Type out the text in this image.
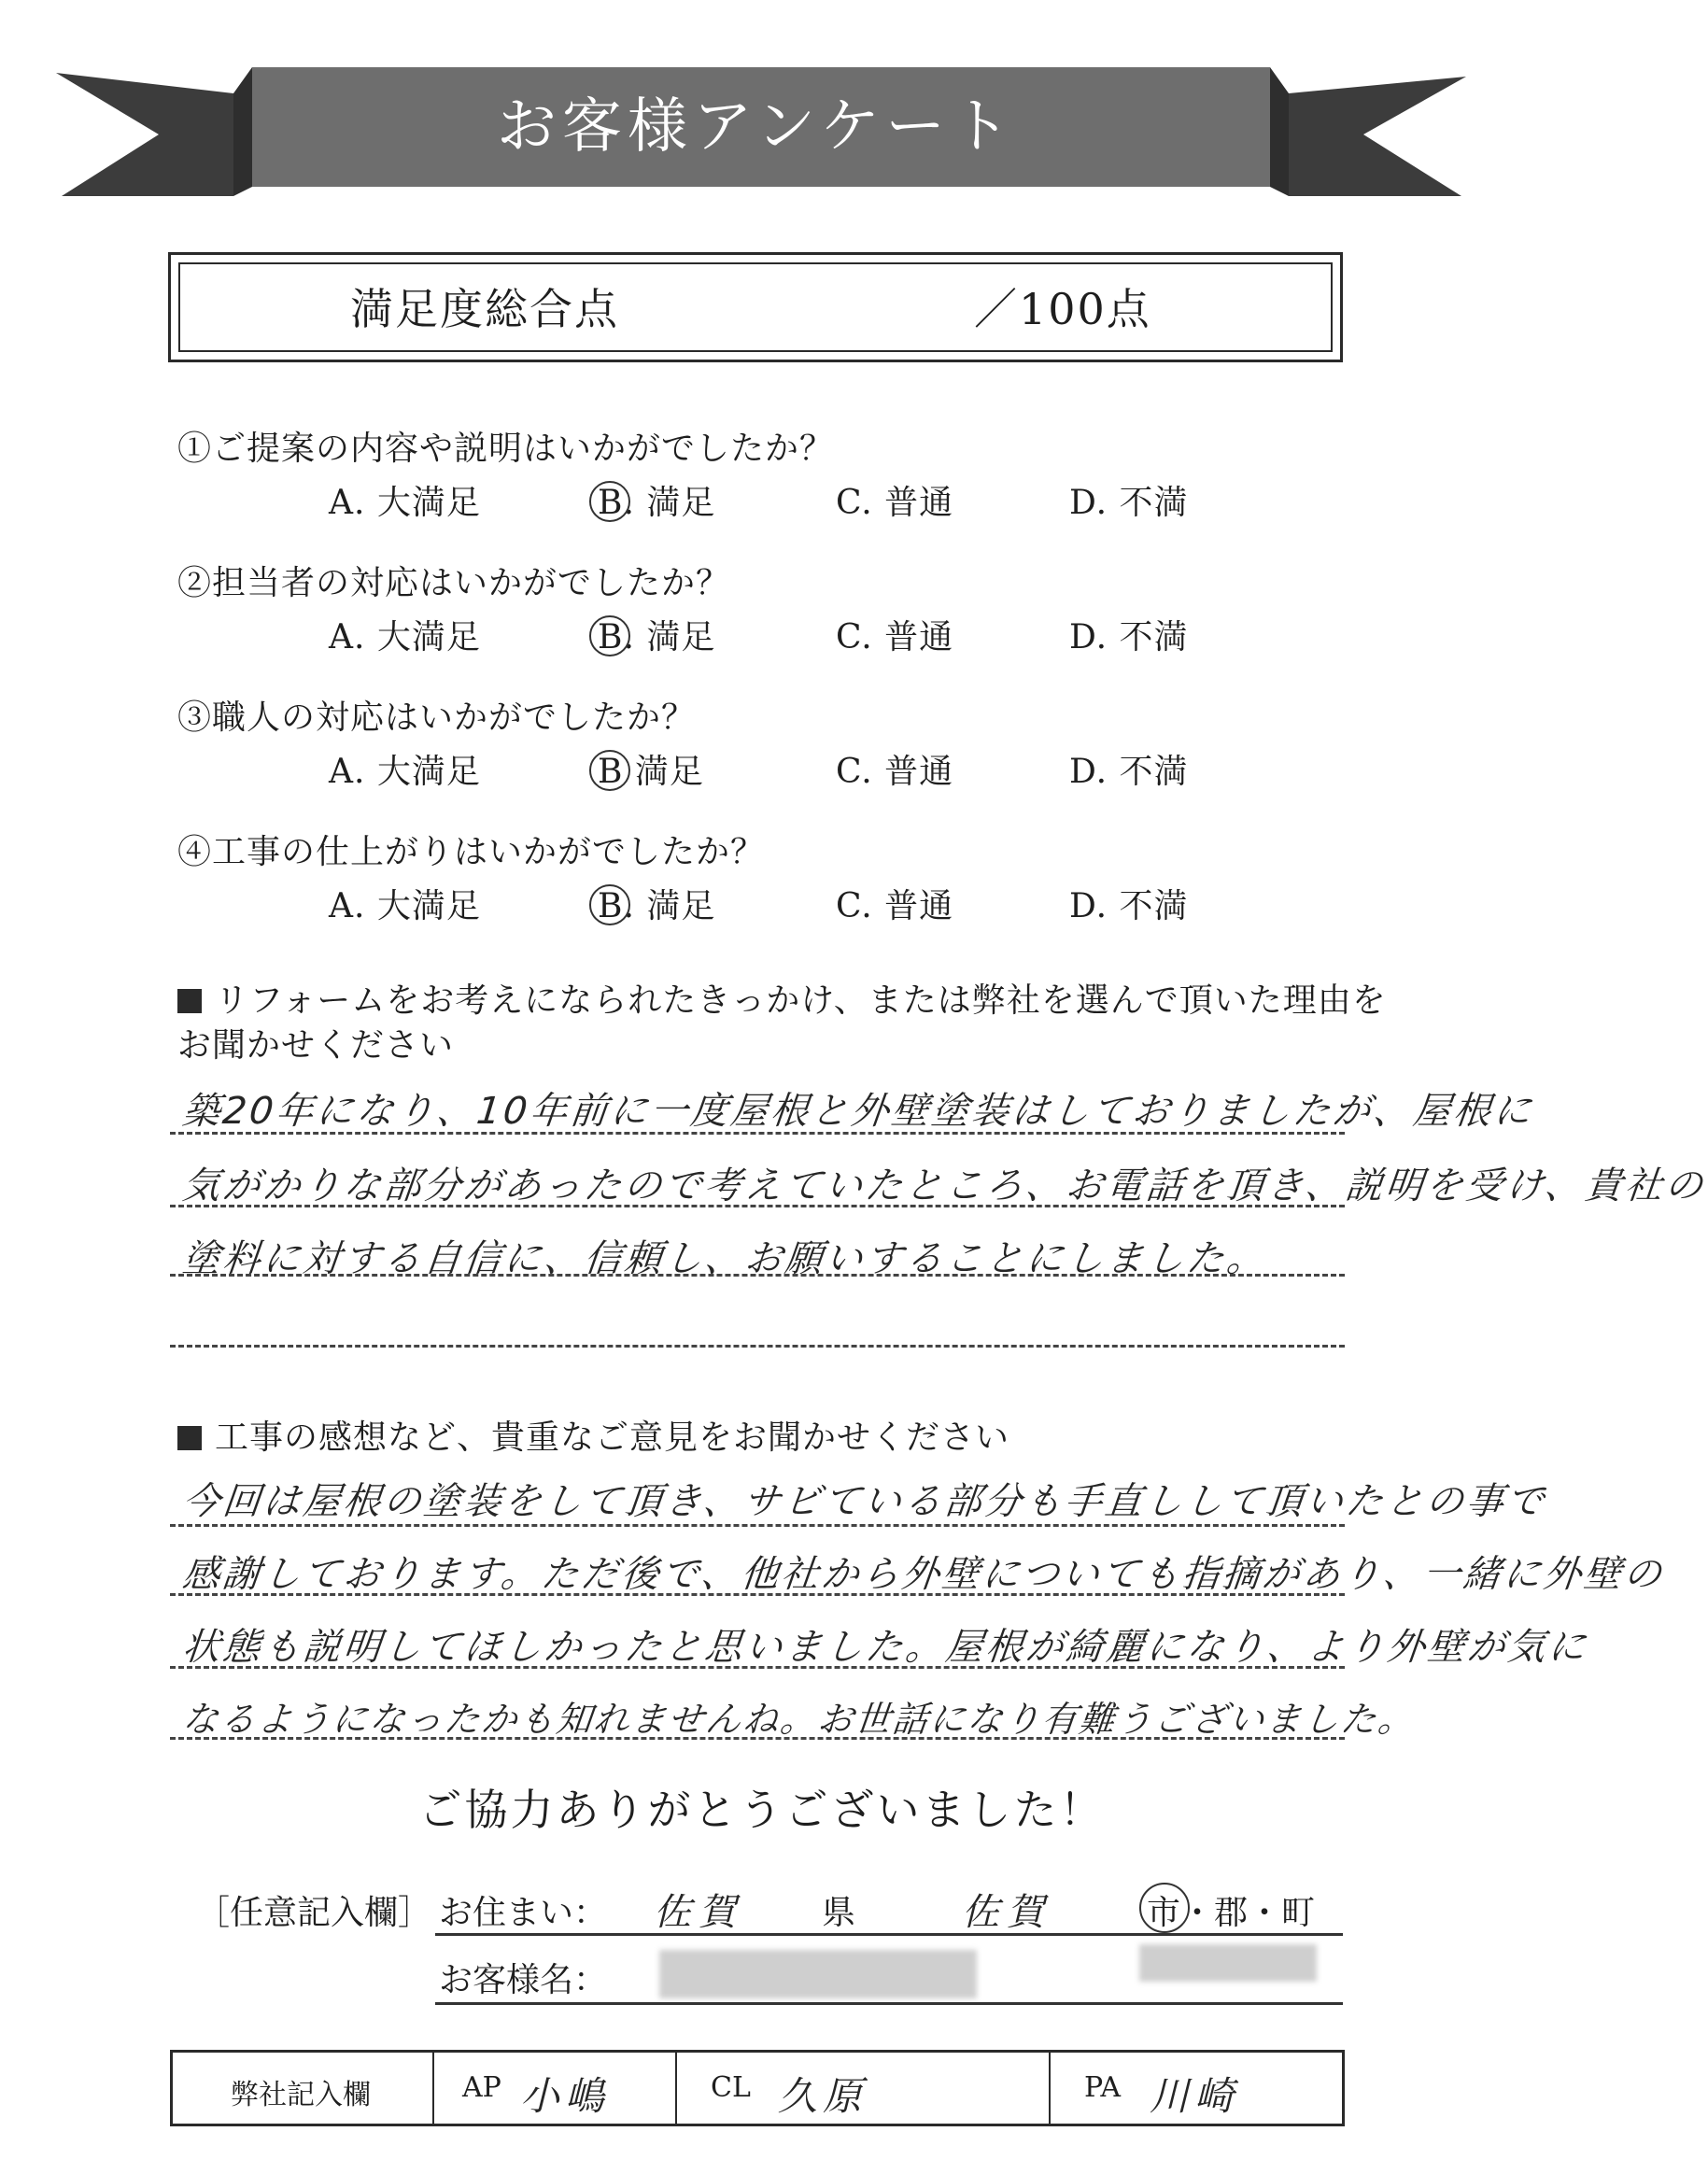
お客様アンケート
満足度総合点	／100点
①ご提案の内容や説明はいかがでしたか？
A. 大満足	B. 満足	C. 普通	D. 不満
②担当者の対応はいかがでしたか？
A. 大満足	B. 満足	C. 普通	D. 不満
③職人の対応はいかがでしたか？
A. 大満足	B 満足	C. 普通	D. 不満
④工事の仕上がりはいかがでしたか？
A. 大満足	B. 満足	C. 普通	D. 不満
リフォームをお考えになられたきっかけ、または弊社を選んで頂いた理由を
お聞かせください
築20年になり、10年前に一度屋根と外壁塗装はしておりましたが、屋根に
気がかりな部分があったので考えていたところ、お電話を頂き、説明を受け、貴社の
塗料に対する自信に、信頼し、お願いすることにしました。
工事の感想など、貴重なご意見をお聞かせください
今回は屋根の塗装をして頂き、サビている部分も手直しして頂いたとの事で
感謝しております。ただ後で、他社から外壁についても指摘があり、一緒に外壁の
状態も説明してほしかったと思いました。屋根が綺麗になり、より外壁が気に
なるようになったかも知れませんね。お世話になり有難うございました。
ご協力ありがとうございました！
［任意記入欄］ お住まい： 佐賀 県	佐賀	市・郡・町
お客様名：
弊社記入欄	AP 小嶋	CL 久原	PA 川崎
